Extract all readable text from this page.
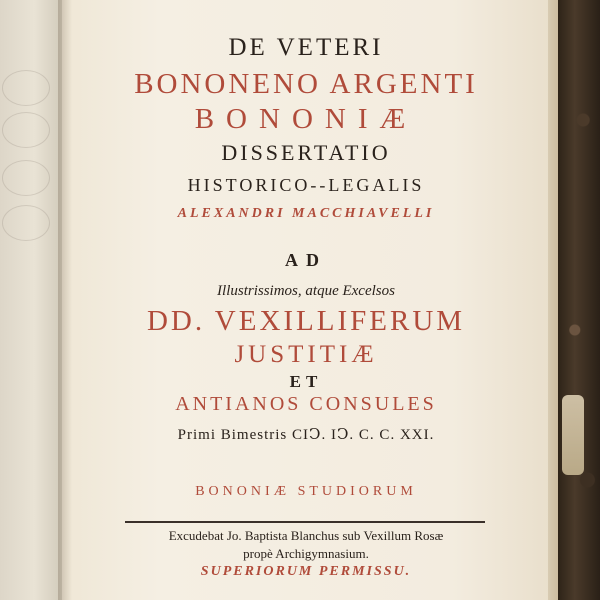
DE VETERI
BONONENO ARGENTI
BONONIÆ
DISSERTATIO
HISTORICO--LEGALIS
ALEXANDRI MACCHIAVELLI
AD
Illustrissimos, atque Excelsos
DD. VEXILLIFERUM
JUSTITIÆ
ET
ANTIANOS CONSULES
Primi Bimestris CIↃ. IↃ. C. C. XXI.
BONONIÆ STUDIORUM
Excudebat Jo. Baptista Blanchus sub Vexillum Rosæ
propè Archigymnasium.
SUPERIORUM PERMISSU.
